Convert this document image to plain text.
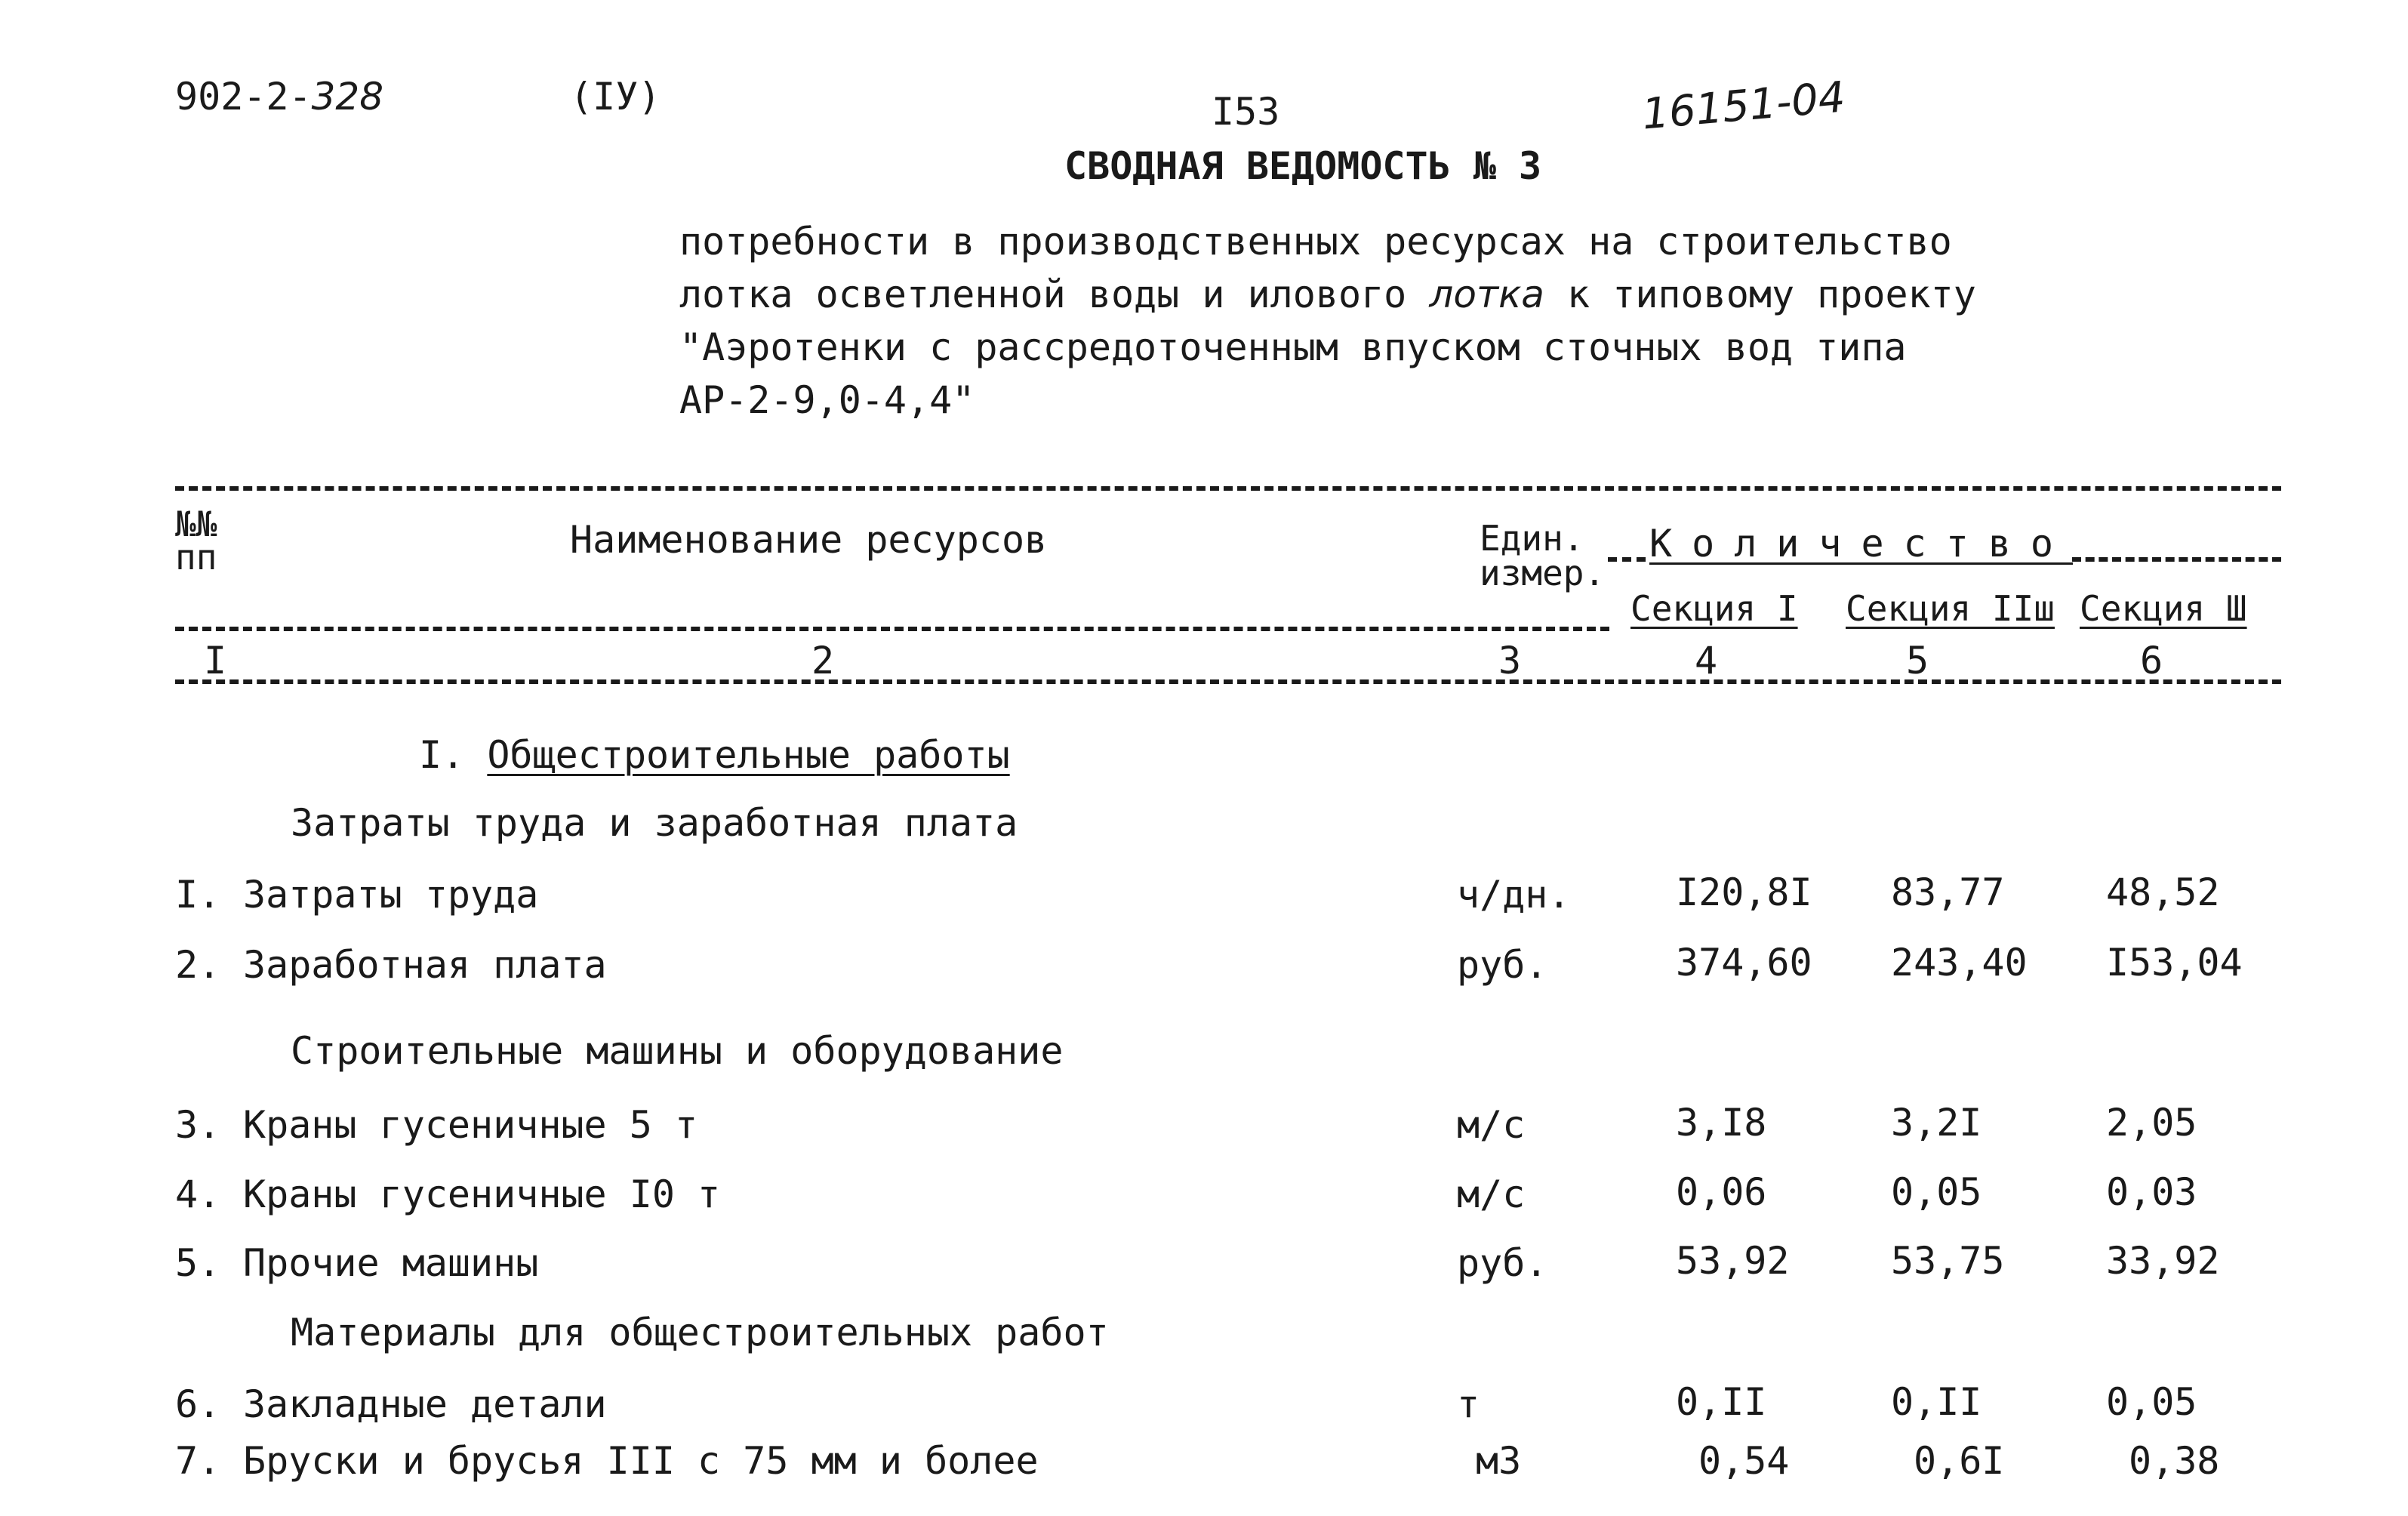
902-2-328	(IУ)	I53	16151-04
СВОДНАЯ ВЕДОМОСТЬ № 3
потребности в производственных ресурсах на строительство
лотка осветленной воды и илового лотка к типовому проекту
"Аэротенки с рассредоточенным впуском сточных вод типа
АР-2-9,0-4,4"
№№ пп	Наименование ресурсов	Един. измер.
Количество
Секция I Секция IIш Секция Ш
I	2	3	4	5	6
I. Общестроительные работы
Затраты труда и заработная плата
I. Затраты труда	ч/дн.	I20,8I 83,77	48,52
2. Заработная плата	руб.	374,60 243,40 I53,04
Строительные машины и оборудование
3. Краны гусеничные 5 т	м/с	3,I8	3,2I	2,05
4. Краны гусеничные I0 т	м/с	0,06	0,05	0,03
5. Прочие машины	руб.	53,92	53,75	33,92
Материалы для общестроительных работ
6. Закладные детали	т	0,II	0,II	0,05
7. Бруски и брусья III с 75 мм и более	м3	0,54	0,6I	0,38
